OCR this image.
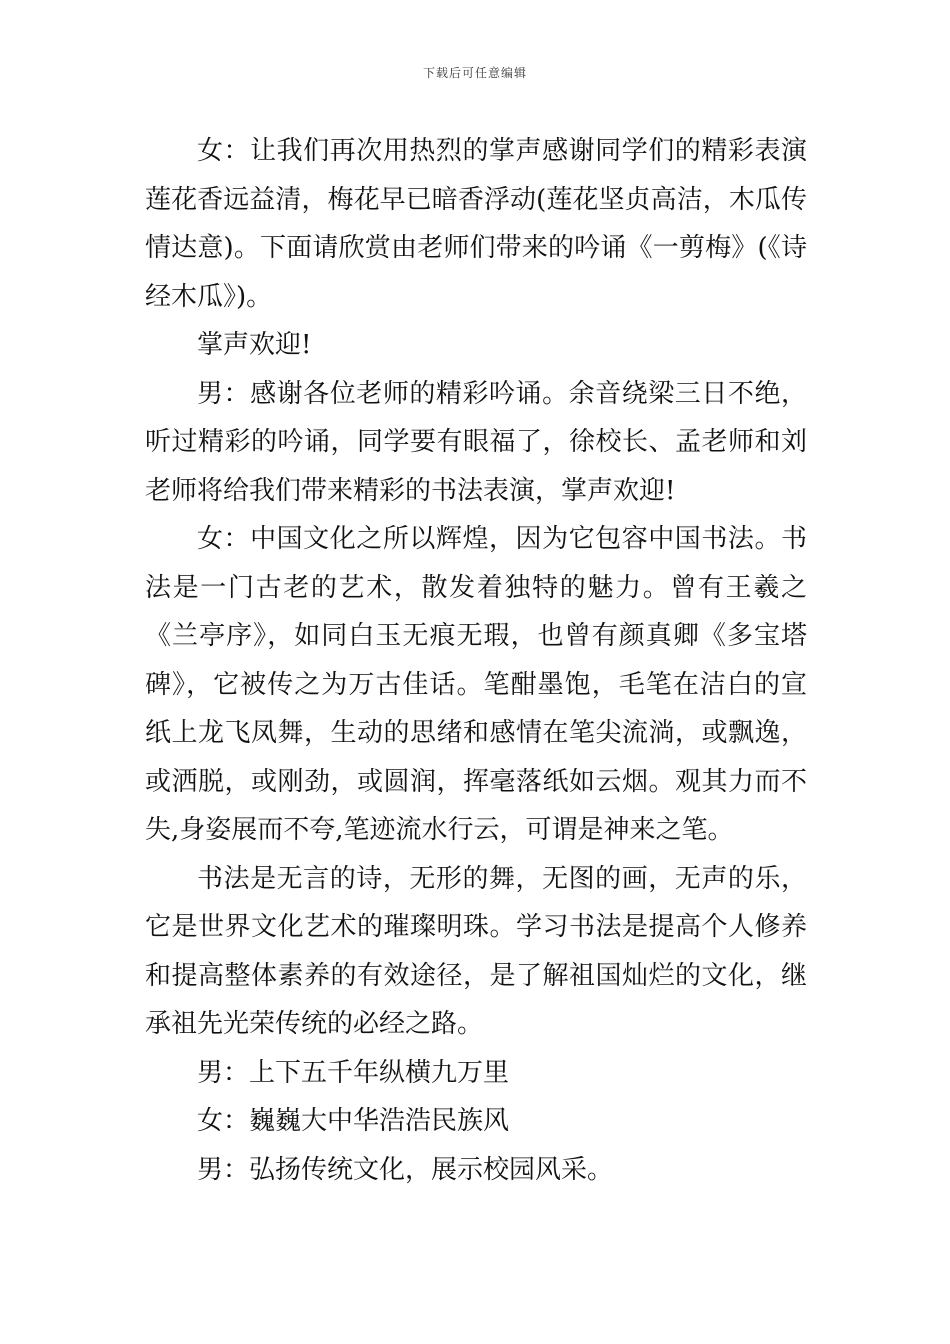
下载后可任意编辑

女：让我们再次用热烈的掌声感谢同学们的精彩表演莲花香远益清，梅花早已暗香浮动(莲花坚贞高洁，木瓜传情达意)。下面请欣赏由老师们带来的吟诵《一剪梅》(《诗经木瓜》)。

掌声欢迎!

男：感谢各位老师的精彩吟诵。余音绕梁三日不绝，听过精彩的吟诵，同学要有眼福了，徐校长、孟老师和刘老师将给我们带来精彩的书法表演，掌声欢迎!

女：中国文化之所以辉煌，因为它包容中国书法。书法是一门古老的艺术，散发着独特的魅力。曾有王羲之《兰亭序》，如同白玉无痕无瑕，也曾有颜真卿《多宝塔碑》，它被传之为万古佳话。笔酣墨饱，毛笔在洁白的宣纸上龙飞凤舞，生动的思绪和感情在笔尖流淌，或飘逸，或洒脱，或刚劲，或圆润，挥毫落纸如云烟。观其力而不失,身姿展而不夸,笔迹流水行云，可谓是神来之笔。

书法是无言的诗，无形的舞，无图的画，无声的乐，它是世界文化艺术的璀璨明珠。学习书法是提高个人修养和提高整体素养的有效途径，是了解祖国灿烂的文化，继承祖先光荣传统的必经之路。

男：上下五千年纵横九万里

女：巍巍大中华浩浩民族风

男：弘扬传统文化，展示校园风采。
